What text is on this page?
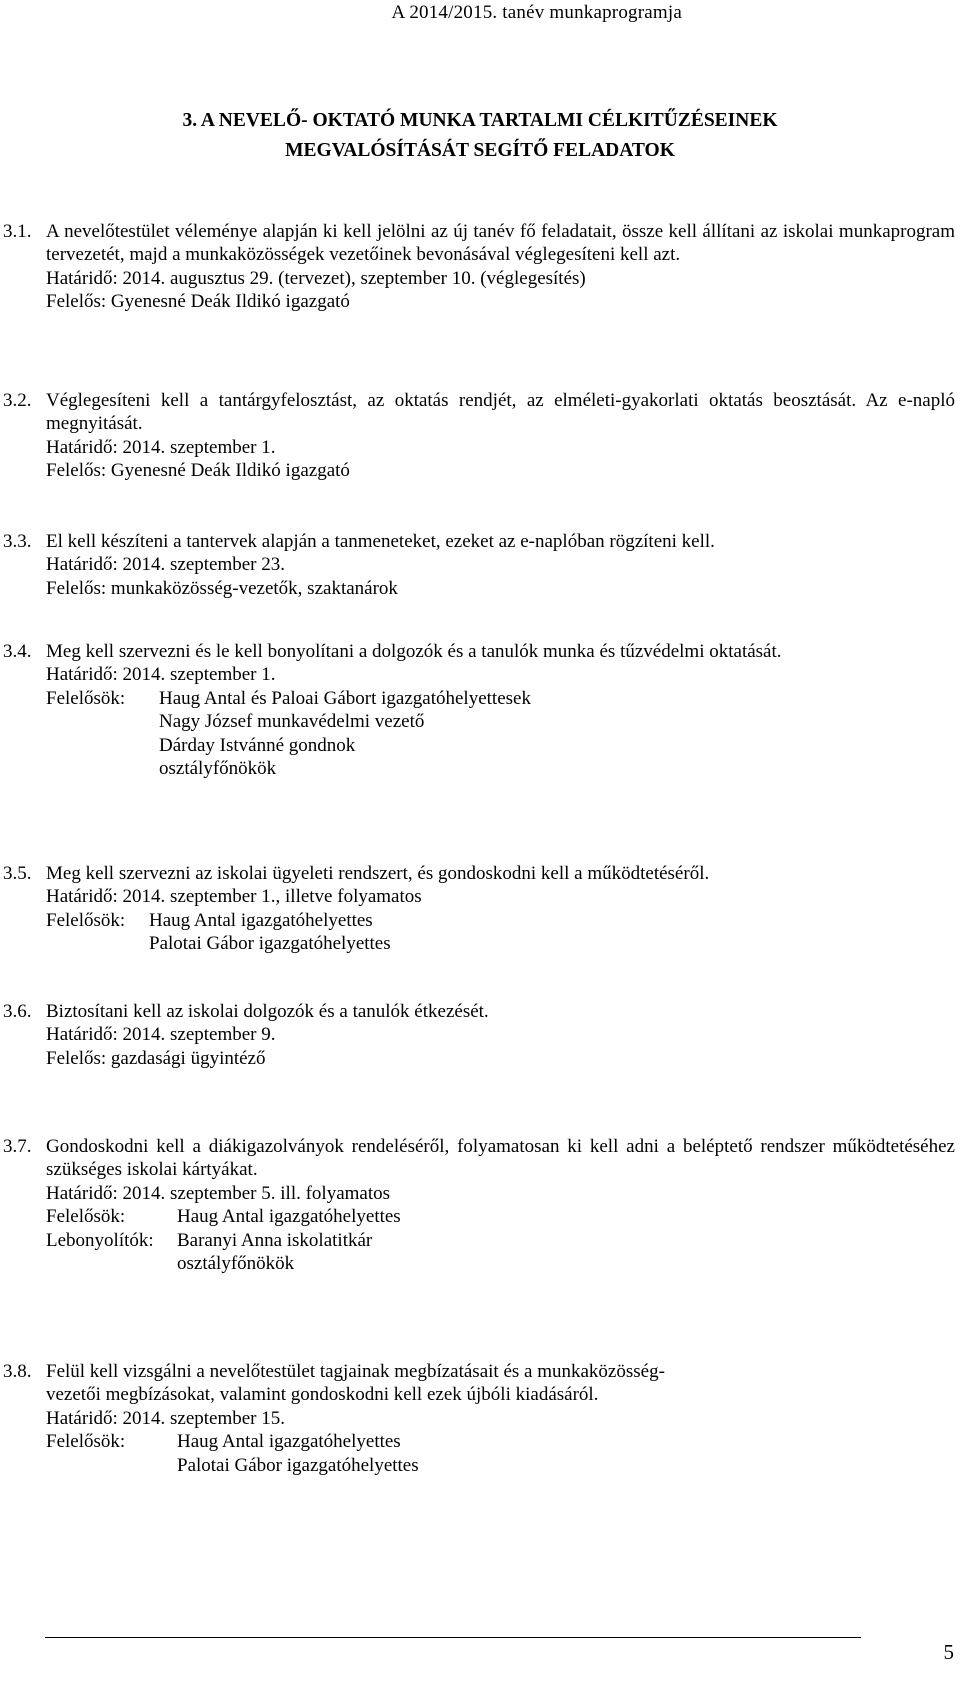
A 2014/2015. tanév munkaprogramja
3. A NEVELŐ- OKTATÓ MUNKA TARTALMI CÉLKITŰZÉSEINEK
MEGVALÓSÍTÁSÁT SEGÍTŐ FELADATOK
3.1. A nevelőtestület véleménye alapján ki kell jelölni az új tanév fő feladatait, össze kell állítani az iskolai munkaprogram tervezetét, majd a munkaközösségek vezetőinek bevonásával véglegesíteni kell azt.
Határidő: 2014. augusztus 29. (tervezet), szeptember 10. (véglegesítés)
Felelős: Gyenesné Deák Ildikó igazgató
3.2. Véglegesíteni kell a tantárgyfelosztást, az oktatás rendjét, az elméleti-gyakorlati oktatás beosztását. Az e-napló megnyitását.
Határidő: 2014. szeptember 1.
Felelős: Gyenesné Deák Ildikó igazgató
3.3. El kell készíteni a tantervek alapján a tanmeneteket, ezeket az e-naplóban rögzíteni kell.
Határidő: 2014. szeptember 23.
Felelős: munkaközösség-vezetők, szaktanárok
3.4. Meg kell szervezni és le kell bonyolítani a dolgozók és a tanulók munka és tűzvédelmi oktatását.
Határidő: 2014. szeptember 1.
Felelősök:	Haug Antal és Paloai Gábort igazgatóhelyettesek
Nagy József munkavédelmi vezető
Dárday Istvánné gondnok
osztályfőnökök
3.5. Meg kell szervezni az iskolai ügyeleti rendszert, és gondoskodni kell a működtetéséről.
Határidő: 2014. szeptember 1., illetve folyamatos
Felelősök:	Haug Antal igazgatóhelyettes
Palotai Gábor igazgatóhelyettes
3.6. Biztosítani kell az iskolai dolgozók és a tanulók étkezését.
Határidő: 2014. szeptember 9.
Felelős: gazdasági ügyintéző
3.7. Gondoskodni kell a diákigazolványok rendeléséről, folyamatosan ki kell adni a beléptető rendszer működtetéséhez szükséges iskolai kártyákat.
Határidő: 2014. szeptember 5. ill. folyamatos
Felelősök:	Haug Antal igazgatóhelyettes
Lebonyolítók:	Baranyi Anna iskolatitkár
osztályfőnökök
3.8. Felül kell vizsgálni a nevelőtestület tagjainak megbízatásait és a munkaközösség-
vezetői megbízásokat, valamint gondoskodni kell ezek újbóli kiadásáról.
Határidő: 2014. szeptember 15.
Felelősök:	Haug Antal igazgatóhelyettes
Palotai Gábor igazgatóhelyettes
5
